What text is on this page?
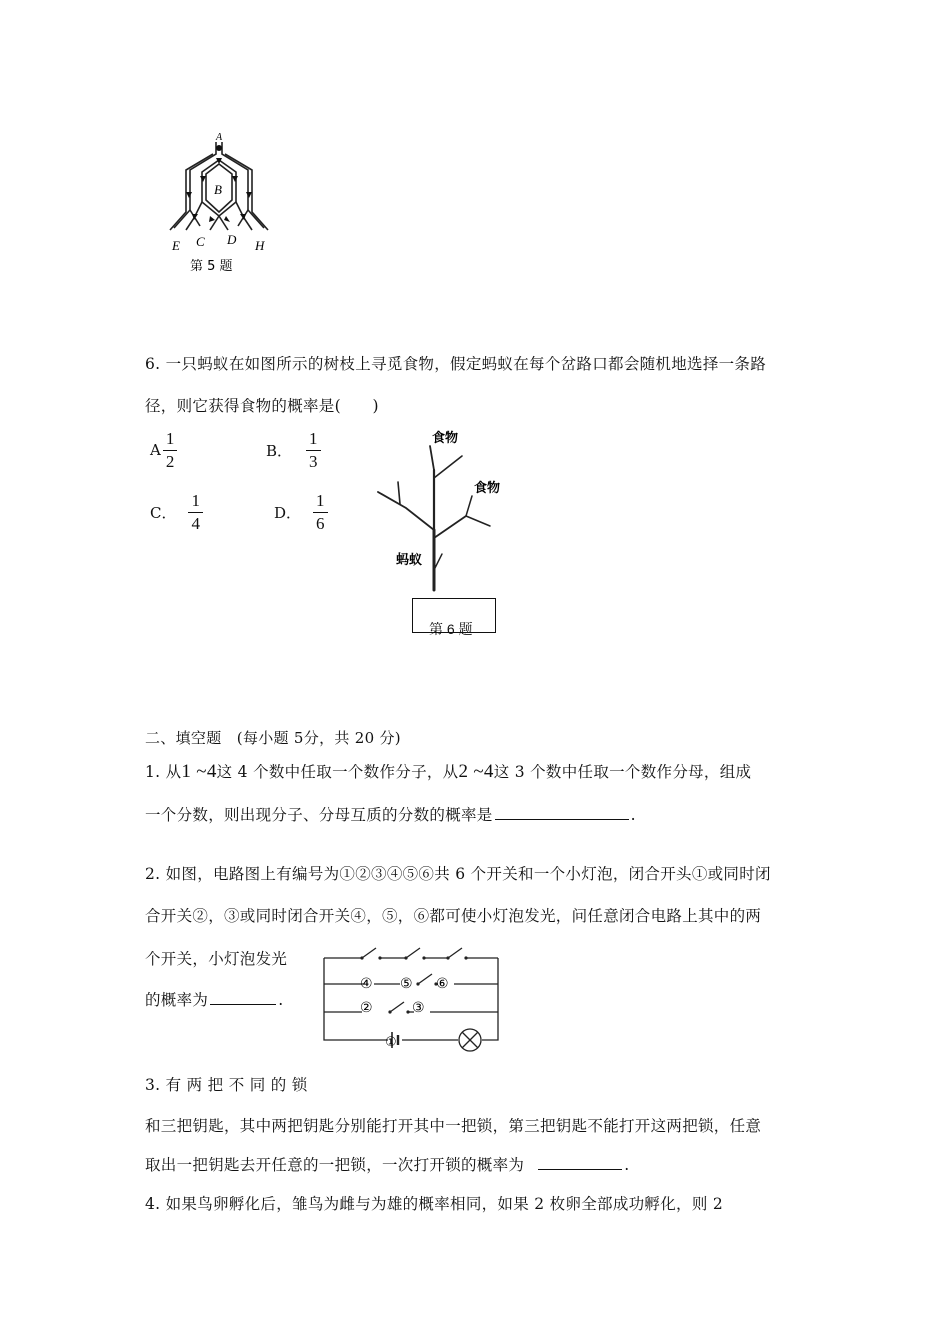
A
B
C D
E	H
第 5 题
6. 一只蚂蚁在如图所示的树枝上寻觅食物，假定蚂蚁在每个岔路口都会随机地选择一条路
径，则它获得食物的概率是(　　)
A $\frac{1}{2}$	B． $\frac{1}{3}$
C． $\frac{1}{4}$	D． $\frac{1}{6}$
食物
食物
蚂蚁
第 6 题
二、填空题　(每小题 5分，共 20 分)
1. 从1 ~4这 4 个数中任取一个数作分子，从2 ~4这 3 个数中任取一个数作分母，组成
一个分数，则出现分子、分母互质的分数的概率是	.
2. 如图，电路图上有编号为①②③④⑤⑥共 6 个开关和一个小灯泡，闭合开头①或同时闭
合开关②，③或同时闭合开关④，⑤，⑥都可使小灯泡发光，问任意闭合电路上其中的两
个开关，小灯泡发光
的概率为	.
①
②	③
④ ⑤ ⑥
3. 有 两 把 不 同 的 锁
和三把钥匙，其中两把钥匙分别能打开其中一把锁，第三把钥匙不能打开这两把锁，任意
取出一把钥匙去开任意的一把锁，一次打开锁的概率为	.
4. 如果鸟卵孵化后，雏鸟为雌与为雄的概率相同，如果 2 枚卵全部成功孵化，则 2
